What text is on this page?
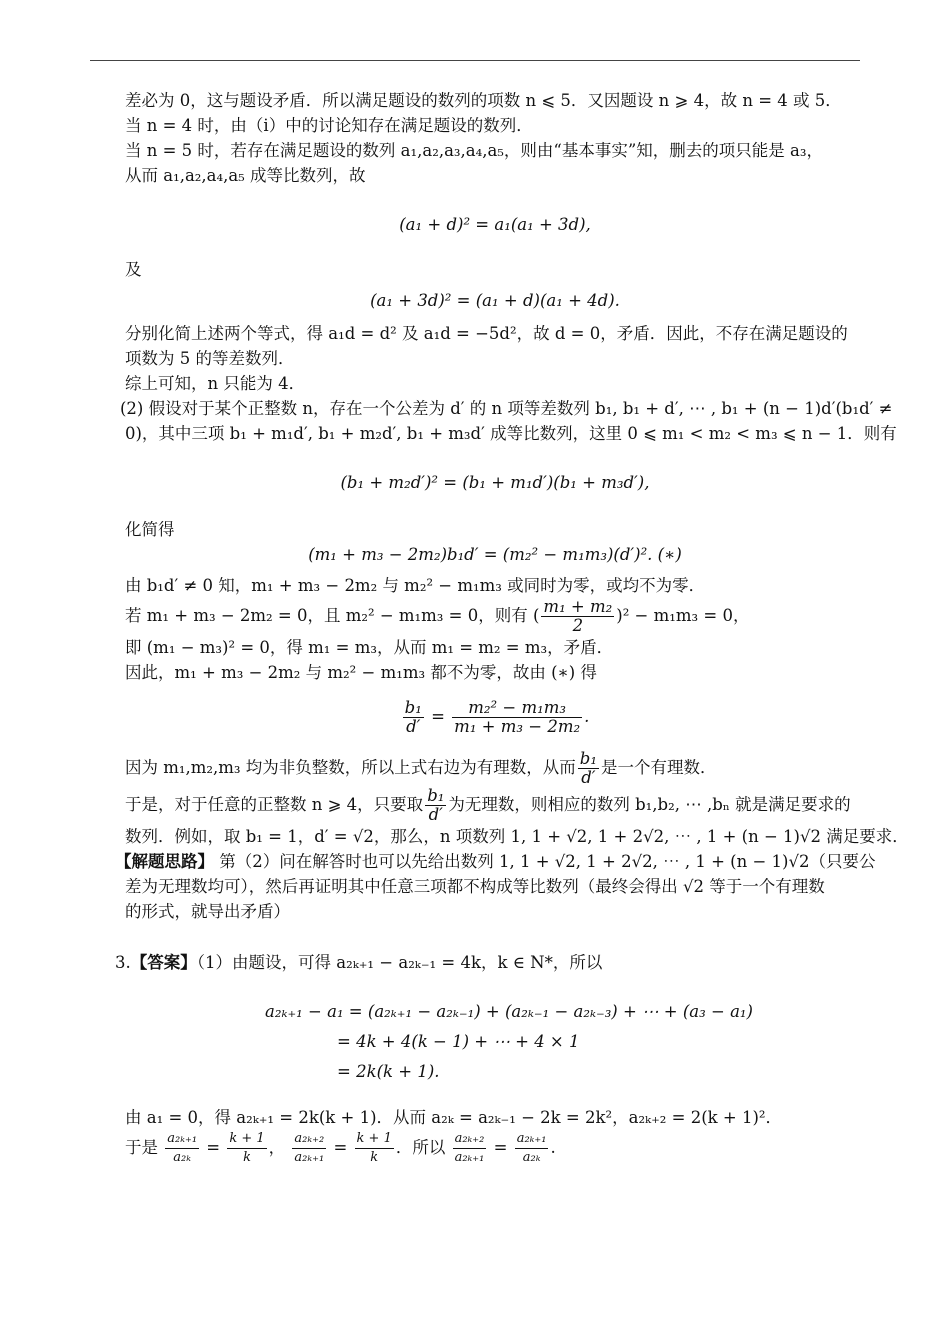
差必为 0，这与题设矛盾．所以满足题设的数列的项数 n ⩽ 5．又因题设 n ⩾ 4，故 n = 4 或 5．

当 n = 4 时，由（ⅰ）中的讨论知存在满足题设的数列．

当 n = 5 时，若存在满足题设的数列 a₁,a₂,a₃,a₄,a₅，则由“基本事实”知，删去的项只能是 a₃，

从而 a₁,a₂,a₄,a₅ 成等比数列，故

(a₁ + d)² = a₁(a₁ + 3d),

及

(a₁ + 3d)² = (a₁ + d)(a₁ + 4d).

分别化简上述两个等式，得 a₁d = d² 及 a₁d = −5d²，故 d = 0，矛盾．因此，不存在满足题设的

项数为 5 的等差数列．

综上可知，n 只能为 4．

(2) 假设对于某个正整数 n，存在一个公差为 d′ 的 n 项等差数列 b₁, b₁ + d′, ⋯ , b₁ + (n − 1)d′(b₁d′ ≠

0)，其中三项 b₁ + m₁d′, b₁ + m₂d′, b₁ + m₃d′ 成等比数列，这里 0 ⩽ m₁ < m₂ < m₃ ⩽ n − 1．则有

(b₁ + m₂d′)² = (b₁ + m₁d′)(b₁ + m₃d′),

化简得

(m₁ + m₃ − 2m₂)b₁d′ = (m₂² − m₁m₃)(d′)². (∗)

由 b₁d′ ≠ 0 知，m₁ + m₃ − 2m₂ 与 m₂² − m₁m₃ 或同时为零，或均不为零．

若 m₁ + m₃ − 2m₂ = 0，且 m₂² − m₁m₃ = 0，则有 ( $\frac{\text{m₁ + m₂}}{2} )^2 - m_1m_3 = 0$，

即 (m₁ − m₃)² = 0，得 m₁ = m₃，从而 m₁ = m₂ = m₃，矛盾．

因此，m₁ + m₃ − 2m₂ 与 m₂² − m₁m₃ 都不为零，故由 (∗) 得

$\frac{\text{b₁}}{d'} = \frac{\text{m₂² − m₁m₃}}{\text{m₁ + m₃ − 2m₂}}$ .

因为 m₁,m₂,m₃ 均为非负整数，所以上式右边为有理数，从而 $\frac{\text{b₁}}{d'}$ 是一个有理数．

于是，对于任意的正整数 n ⩾ 4，只要取 $\frac{\text{b₁}}{d'}$ 为无理数，则相应的数列 b₁,b₂, ⋯ ,bₙ 就是满足要求的

数列．例如，取 b₁ = 1，d′ = √2，那么，n 项数列 1, 1 + √2, 1 + 2√2, ⋯ , 1 + (n − 1)√2 满足要求．

【解题思路】 第（2）问在解答时也可以先给出数列 1, 1 + √2, 1 + 2√2, ⋯ , 1 + (n − 1)√2（只要公

差为无理数均可），然后再证明其中任意三项都不构成等比数列（最终会得出 √2 等于一个有理数

的形式，就导出矛盾）

3.【答案】（1）由题设，可得 a₂ₖ₊₁ − a₂ₖ₋₁ = 4k，k ∈ N*，所以

a₂ₖ₊₁ − a₁ = (a₂ₖ₊₁ − a₂ₖ₋₁) + (a₂ₖ₋₁ − a₂ₖ₋₃) + ⋯ + (a₃ − a₁)
= 4k + 4(k − 1) + ⋯ + 4 × 1
= 2k(k + 1).

由 a₁ = 0，得 a₂ₖ₊₁ = 2k(k + 1)．从而 a₂ₖ = a₂ₖ₋₁ − 2k = 2k²，a₂ₖ₊₂ = 2(k + 1)²．

于是 $\frac{\text{a₂ₖ₊₁}}{\text{a₂ₖ}} = \frac{k + 1}{k}$ ， $\frac{\text{a₂ₖ₊₂}}{\text{a₂ₖ₊₁}} = \frac{k + 1}{k}$ ．所以 $\frac{\text{a₂ₖ₊₂}}{\text{a₂ₖ₊₁}} = \frac{\text{a₂ₖ₊₁}}{\text{a₂ₖ}}$ .
